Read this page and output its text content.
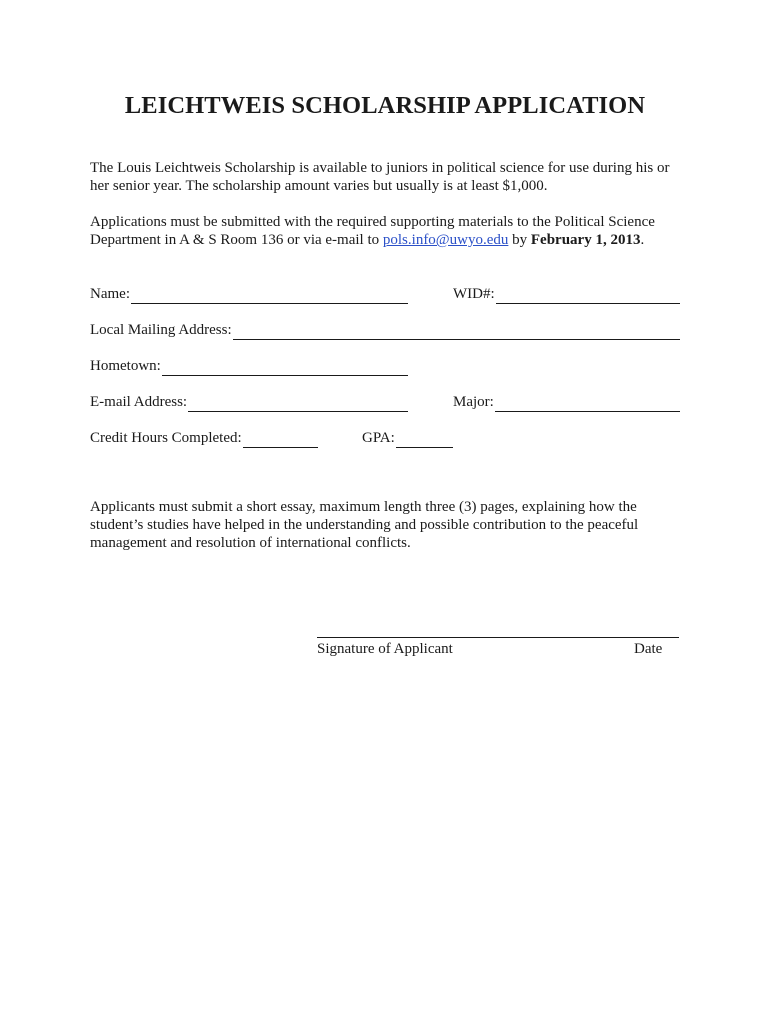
LEICHTWEIS SCHOLARSHIP APPLICATION
The Louis Leichtweis Scholarship is available to juniors in political science for use during his or
her senior year. The scholarship amount varies but usually is at least $1,000.
Applications must be submitted with the required supporting materials to the Political Science
Department in A & S Room 136 or via e-mail to pols.info@uwyo.edu by February 1, 2013.
Name:	WID#:
Local Mailing Address:
Hometown:
E-mail Address:	Major:
Credit Hours Completed:	GPA:
Applicants must submit a short essay, maximum length three (3) pages, explaining how the
student’s studies have helped in the understanding and possible contribution to the peaceful
management and resolution of international conflicts.
Signature of Applicant	Date
